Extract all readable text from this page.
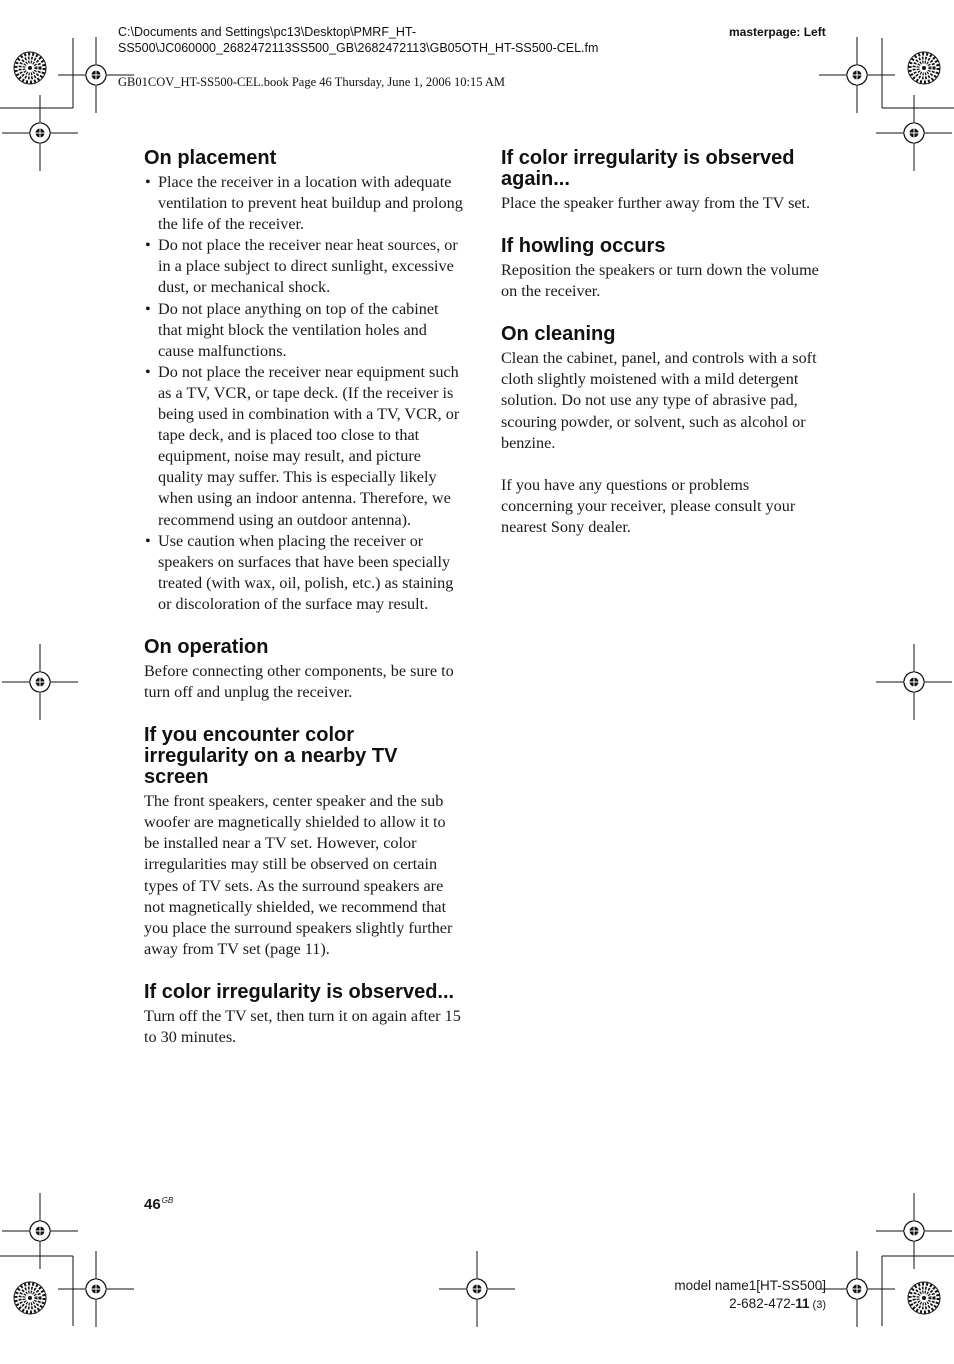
C:\Documents and Settings\pc13\Desktop\PMRF_HT-
SS500\JC060000_2682472113SS500_GB\2682472113\GB05OTH_HT-SS500-CEL.fm
masterpage: Left
GB01COV_HT-SS500-CEL.book Page 46 Thursday, June 1, 2006 10:15 AM
On placement
• Place the receiver in a location with adequate ventilation to prevent heat buildup and prolong the life of the receiver.
• Do not place the receiver near heat sources, or in a place subject to direct sunlight, excessive dust, or mechanical shock.
• Do not place anything on top of the cabinet that might block the ventilation holes and cause malfunctions.
• Do not place the receiver near equipment such as a TV, VCR, or tape deck. (If the receiver is being used in combination with a TV, VCR, or tape deck, and is placed too close to that equipment, noise may result, and picture quality may suffer. This is especially likely when using an indoor antenna. Therefore, we recommend using an outdoor antenna).
• Use caution when placing the receiver or speakers on surfaces that have been specially treated (with wax, oil, polish, etc.) as staining or discoloration of the surface may result.
On operation

Before connecting other components, be sure to turn off and unplug the receiver.

If you encounter color irregularity on a nearby TV screen

The front speakers, center speaker and the sub woofer are magnetically shielded to allow it to be installed near a TV set. However, color irregularities may still be observed on certain types of TV sets. As the surround speakers are not magnetically shielded, we recommend that you place the surround speakers slightly further away from TV set (page 11).

If color irregularity is observed...

Turn off the TV set, then turn it on again after 15 to 30 minutes.

If color irregularity is observed again...

Place the speaker further away from the TV set.

If howling occurs

Reposition the speakers or turn down the volume on the receiver.

On cleaning

Clean the cabinet, panel, and controls with a soft cloth slightly moistened with a mild detergent solution. Do not use any type of abrasive pad, scouring powder, or solvent, such as alcohol or benzine.

If you have any questions or problems concerning your receiver, please consult your nearest Sony dealer.

$46^{GB}$
model name1[HT-SS500]
2-682-472-11 (3)
